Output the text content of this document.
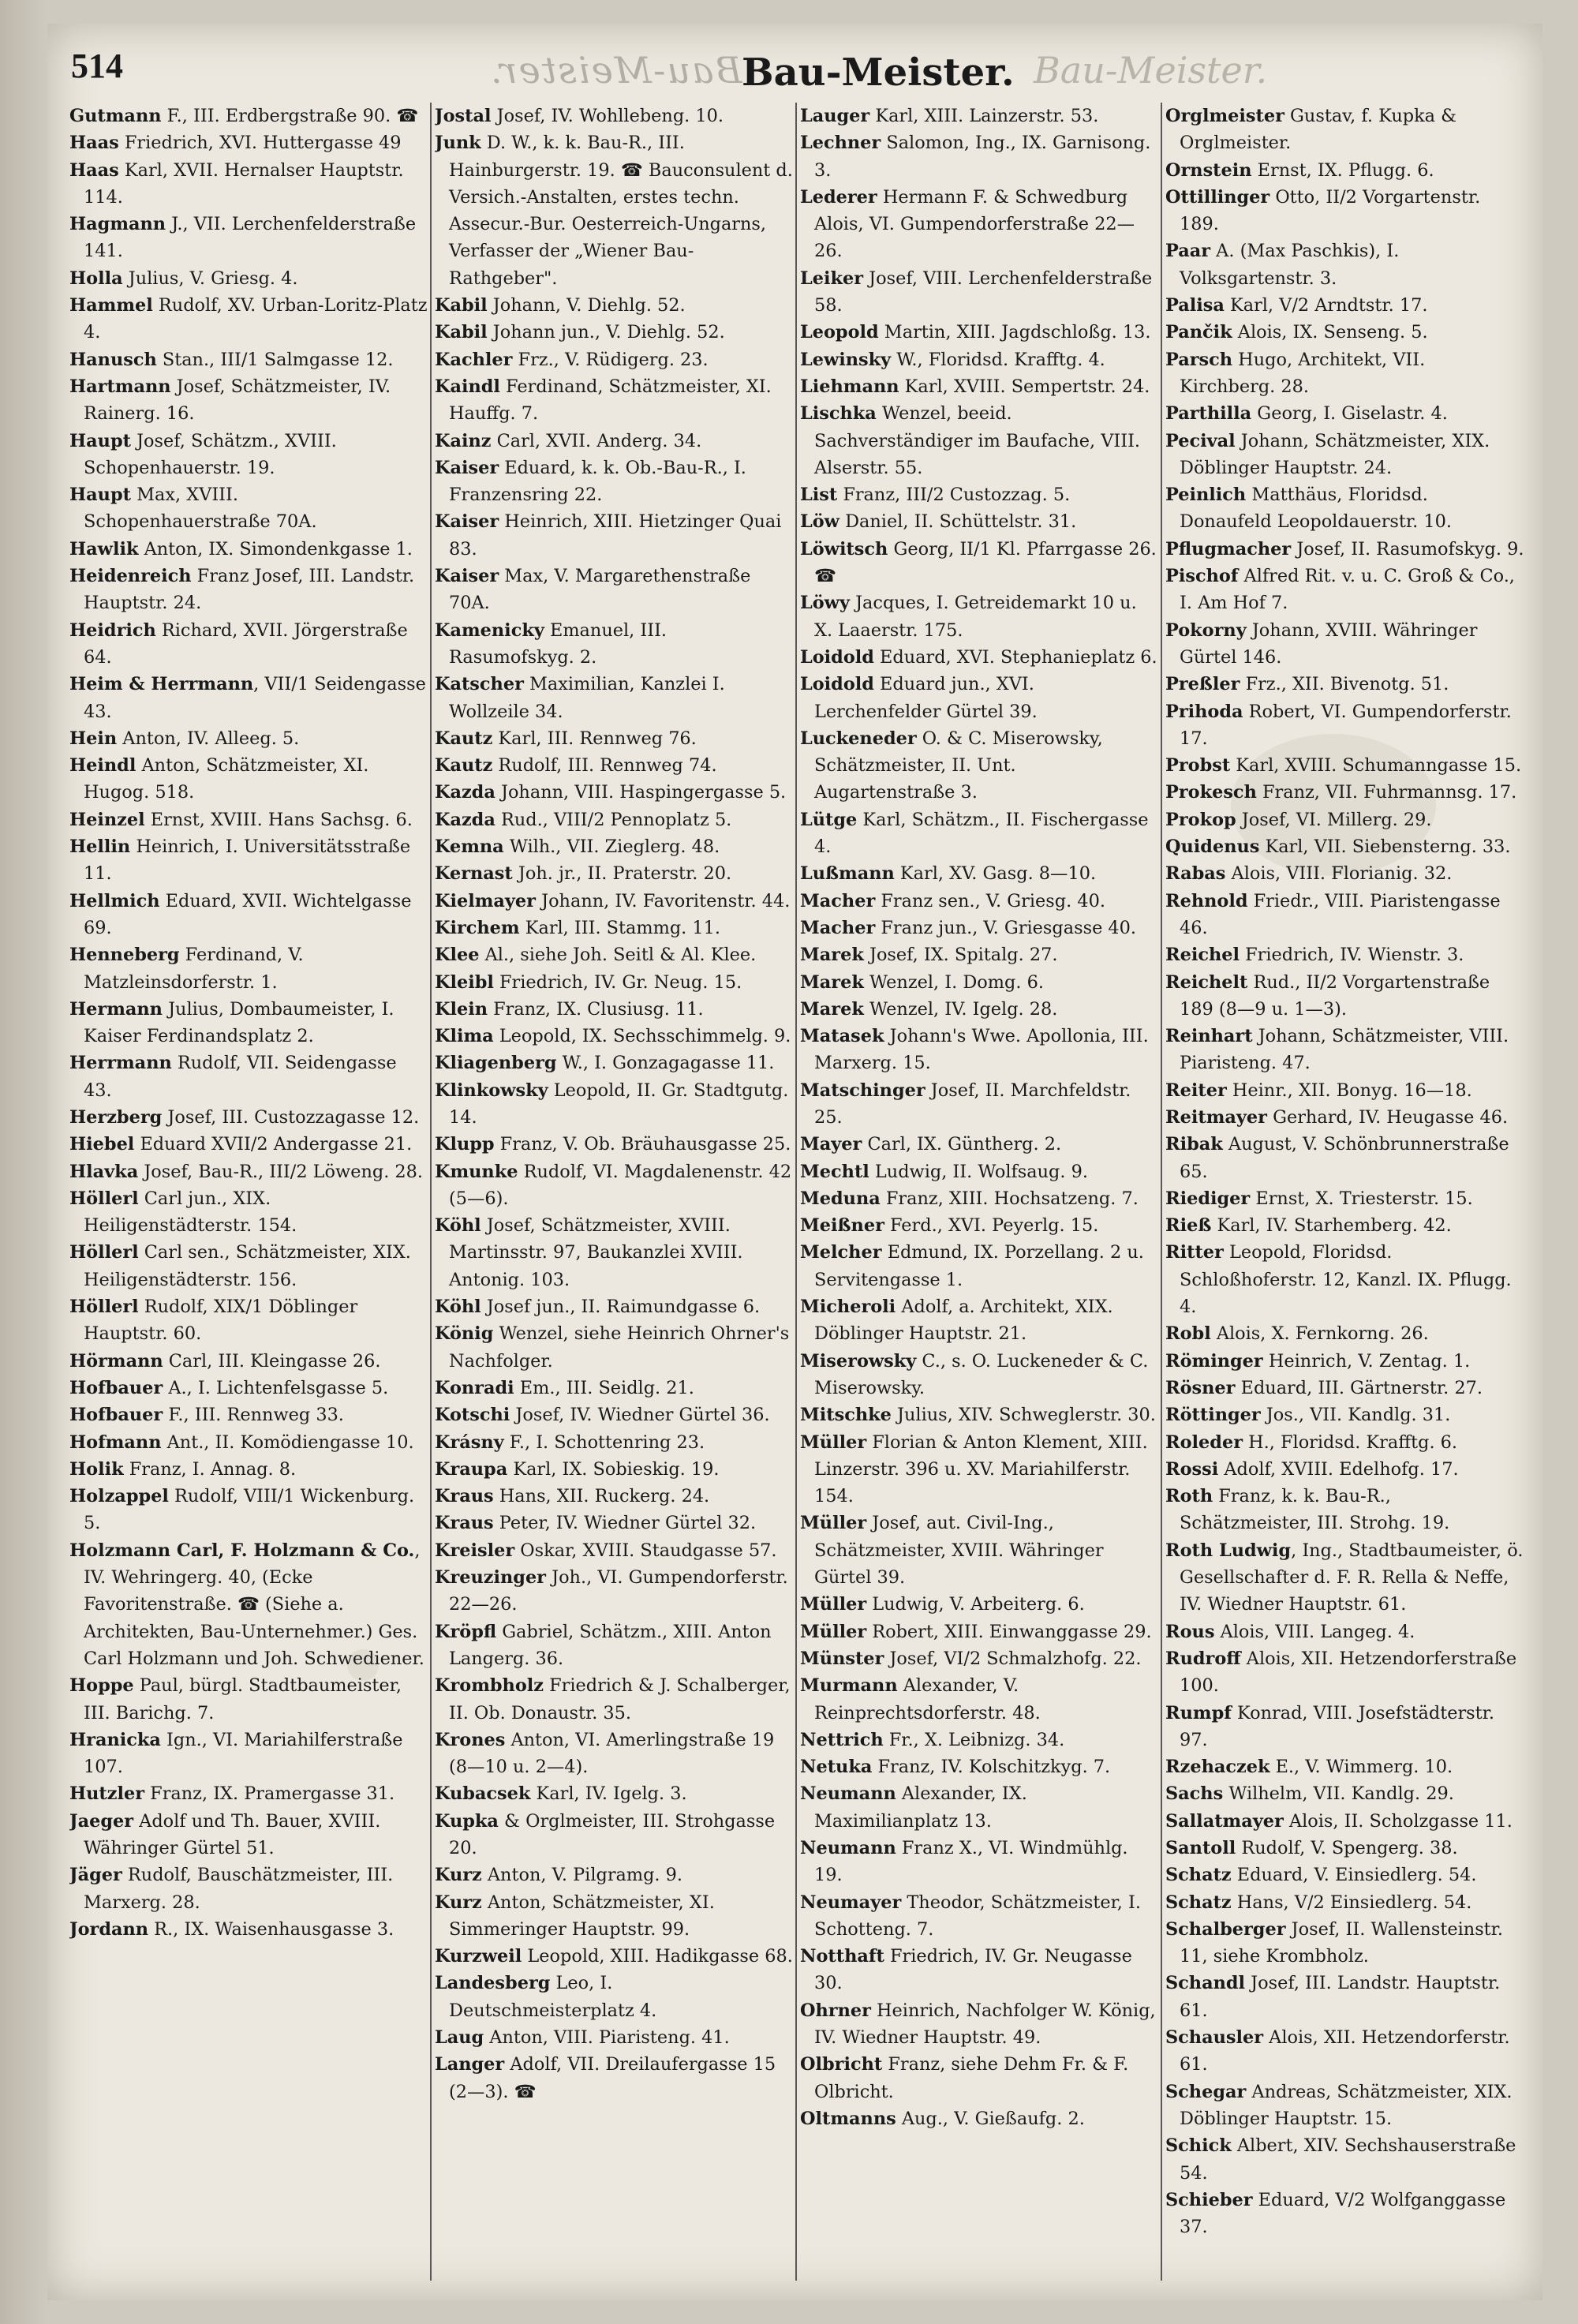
514	Bau-Meister. Bau-Meister. Bau-Meister.

Gutmann F., III. Erdbergstraße 90. ☎

Haas Friedrich, XVI. Huttergasse 49

Haas Karl, XVII. Hernalser Hauptstr. 114.

Hagmann J., VII. Lerchenfelderstraße 141.

Holla Julius, V. Griesg. 4.

Hammel Rudolf, XV. Urban-Loritz-Platz 4.

Hanusch Stan., III/1 Salmgasse 12.

Hartmann Josef, Schätzmeister, IV. Rainerg. 16.

Haupt Josef, Schätzm., XVIII. Schopenhauerstr. 19.

Haupt Max, XVIII. Schopenhauerstraße 70A.

Hawlik Anton, IX. Simondenkgasse 1.

Heidenreich Franz Josef, III. Landstr. Hauptstr. 24.

Heidrich Richard, XVII. Jörgerstraße 64.

Heim & Herrmann, VII/1 Seidengasse 43.

Hein Anton, IV. Alleeg. 5.

Heindl Anton, Schätzmeister, XI. Hugog. 518.

Heinzel Ernst, XVIII. Hans Sachsg. 6.

Hellin Heinrich, I. Universitätsstraße 11.

Hellmich Eduard, XVII. Wichtelgasse 69.

Henneberg Ferdinand, V. Matzleinsdorferstr. 1.

Hermann Julius, Dombaumeister, I. Kaiser Ferdinandsplatz 2.

Herrmann Rudolf, VII. Seidengasse 43.

Herzberg Josef, III. Custozzagasse 12.

Hiebel Eduard XVII/2 Andergasse 21.

Hlavka Josef, Bau-R., III/2 Löweng. 28.

Höllerl Carl jun., XIX. Heiligenstädterstr. 154.

Höllerl Carl sen., Schätzmeister, XIX. Heiligenstädterstr. 156.

Höllerl Rudolf, XIX/1 Döblinger Hauptstr. 60.

Hörmann Carl, III. Kleingasse 26.

Hofbauer A., I. Lichtenfelsgasse 5.

Hofbauer F., III. Rennweg 33.

Hofmann Ant., II. Komödiengasse 10.

Holik Franz, I. Annag. 8.

Holzappel Rudolf, VIII/1 Wickenburg. 5.

Holzmann Carl, F. Holzmann & Co., IV. Wehringerg. 40, (Ecke Favoritenstraße. ☎ (Siehe a. Architekten, Bau-Unternehmer.) Ges. Carl Holzmann und Joh. Schwediener.

Hoppe Paul, bürgl. Stadtbaumeister, III. Barichg. 7.

Hranicka Ign., VI. Mariahilferstraße 107.

Hutzler Franz, IX. Pramergasse 31.

Jaeger Adolf und Th. Bauer, XVIII. Währinger Gürtel 51.

Jäger Rudolf, Bauschätzmeister, III. Marxerg. 28.

Jordann R., IX. Waisenhausgasse 3.

Jostal Josef, IV. Wohllebeng. 10.

Junk D. W., k. k. Bau-R., III. Hainburgerstr. 19. ☎ Bauconsulent d. Versich.-Anstalten, erstes techn. Assecur.-Bur. Oesterreich-Ungarns, Verfasser der „Wiener Bau-Rathgeber".

Kabil Johann, V. Diehlg. 52.

Kabil Johann jun., V. Diehlg. 52.

Kachler Frz., V. Rüdigerg. 23.

Kaindl Ferdinand, Schätzmeister, XI. Hauffg. 7.

Kainz Carl, XVII. Anderg. 34.

Kaiser Eduard, k. k. Ob.-Bau-R., I. Franzensring 22.

Kaiser Heinrich, XIII. Hietzinger Quai 83.

Kaiser Max, V. Margarethenstraße 70A.

Kamenicky Emanuel, III. Rasumofskyg. 2.

Katscher Maximilian, Kanzlei I. Wollzeile 34.

Kautz Karl, III. Rennweg 76.

Kautz Rudolf, III. Rennweg 74.

Kazda Johann, VIII. Haspingergasse 5.

Kazda Rud., VIII/2 Pennoplatz 5.

Kemna Wilh., VII. Zieglerg. 48.

Kernast Joh. jr., II. Praterstr. 20.

Kielmayer Johann, IV. Favoritenstr. 44.

Kirchem Karl, III. Stammg. 11.

Klee Al., siehe Joh. Seitl & Al. Klee.

Kleibl Friedrich, IV. Gr. Neug. 15.

Klein Franz, IX. Clusiusg. 11.

Klima Leopold, IX. Sechsschimmelg. 9.

Kliagenberg W., I. Gonzagagasse 11.

Klinkowsky Leopold, II. Gr. Stadtgutg. 14.

Klupp Franz, V. Ob. Bräuhausgasse 25.

Kmunke Rudolf, VI. Magdalenenstr. 42 (5—6).

Köhl Josef, Schätzmeister, XVIII. Martinsstr. 97, Baukanzlei XVIII. Antonig. 103.

Köhl Josef jun., II. Raimundgasse 6.

König Wenzel, siehe Heinrich Ohrner's Nachfolger.

Konradi Em., III. Seidlg. 21.

Kotschi Josef, IV. Wiedner Gürtel 36.

Krásny F., I. Schottenring 23.

Kraupa Karl, IX. Sobieskig. 19.

Kraus Hans, XII. Ruckerg. 24.

Kraus Peter, IV. Wiedner Gürtel 32.

Kreisler Oskar, XVIII. Staudgasse 57.

Kreuzinger Joh., VI. Gumpendorferstr. 22—26.

Kröpfl Gabriel, Schätzm., XIII. Anton Langerg. 36.

Krombholz Friedrich & J. Schalberger, II. Ob. Donaustr. 35.

Krones Anton, VI. Amerlingstraße 19 (8—10 u. 2—4).

Kubacsek Karl, IV. Igelg. 3.

Kupka & Orglmeister, III. Strohgasse 20.

Kurz Anton, V. Pilgramg. 9.

Kurz Anton, Schätzmeister, XI. Simmeringer Hauptstr. 99.

Kurzweil Leopold, XIII. Hadikgasse 68.

Landesberg Leo, I. Deutschmeisterplatz 4.

Laug Anton, VIII. Piaristeng. 41.

Langer Adolf, VII. Dreilaufergasse 15 (2—3). ☎

Lauger Karl, XIII. Lainzerstr. 53.

Lechner Salomon, Ing., IX. Garnisong. 3.

Lederer Hermann F. & Schwedburg Alois, VI. Gumpendorferstraße 22—26.

Leiker Josef, VIII. Lerchenfelderstraße 58.

Leopold Martin, XIII. Jagdschloßg. 13.

Lewinsky W., Floridsd. Krafftg. 4.

Liehmann Karl, XVIII. Sempertstr. 24.

Lischka Wenzel, beeid. Sachverständiger im Baufache, VIII. Alserstr. 55.

List Franz, III/2 Custozzag. 5.

Löw Daniel, II. Schüttelstr. 31.

Löwitsch Georg, II/1 Kl. Pfarrgasse 26. ☎

Löwy Jacques, I. Getreidemarkt 10 u. X. Laaerstr. 175.

Loidold Eduard, XVI. Stephanieplatz 6.

Loidold Eduard jun., XVI. Lerchenfelder Gürtel 39.

Luckeneder O. & C. Miserowsky, Schätzmeister, II. Unt. Augartenstraße 3.

Lütge Karl, Schätzm., II. Fischergasse 4.

Lußmann Karl, XV. Gasg. 8—10.

Macher Franz sen., V. Griesg. 40.

Macher Franz jun., V. Griesgasse 40.

Marek Josef, IX. Spitalg. 27.

Marek Wenzel, I. Domg. 6.

Marek Wenzel, IV. Igelg. 28.

Matasek Johann's Wwe. Apollonia, III. Marxerg. 15.

Matschinger Josef, II. Marchfeldstr. 25.

Mayer Carl, IX. Güntherg. 2.

Mechtl Ludwig, II. Wolfsaug. 9.

Meduna Franz, XIII. Hochsatzeng. 7.

Meißner Ferd., XVI. Peyerlg. 15.

Melcher Edmund, IX. Porzellang. 2 u. Servitengasse 1.

Micheroli Adolf, a. Architekt, XIX. Döblinger Hauptstr. 21.

Miserowsky C., s. O. Luckeneder & C. Miserowsky.

Mitschke Julius, XIV. Schweglerstr. 30.

Müller Florian & Anton Klement, XIII. Linzerstr. 396 u. XV. Mariahilferstr. 154.

Müller Josef, aut. Civil-Ing., Schätzmeister, XVIII. Währinger Gürtel 39.

Müller Ludwig, V. Arbeiterg. 6.

Müller Robert, XIII. Einwanggasse 29.

Münster Josef, VI/2 Schmalzhofg. 22.

Murmann Alexander, V. Reinprechtsdorferstr. 48.

Nettrich Fr., X. Leibnizg. 34.

Netuka Franz, IV. Kolschitzkyg. 7.

Neumann Alexander, IX. Maximilianplatz 13.

Neumann Franz X., VI. Windmühlg. 19.

Neumayer Theodor, Schätzmeister, I. Schotteng. 7.

Notthaft Friedrich, IV. Gr. Neugasse 30.

Ohrner Heinrich, Nachfolger W. König, IV. Wiedner Hauptstr. 49.

Olbricht Franz, siehe Dehm Fr. & F. Olbricht.

Oltmanns Aug., V. Gießaufg. 2.

Orglmeister Gustav, f. Kupka & Orglmeister.

Ornstein Ernst, IX. Pflugg. 6.

Ottillinger Otto, II/2 Vorgartenstr. 189.

Paar A. (Max Paschkis), I. Volksgartenstr. 3.

Palisa Karl, V/2 Arndtstr. 17.

Pančik Alois, IX. Senseng. 5.

Parsch Hugo, Architekt, VII. Kirchberg. 28.

Parthilla Georg, I. Giselastr. 4.

Pecival Johann, Schätzmeister, XIX. Döblinger Hauptstr. 24.

Peinlich Matthäus, Floridsd. Donaufeld Leopoldauerstr. 10.

Pflugmacher Josef, II. Rasumofskyg. 9.

Pischof Alfred Rit. v. u. C. Groß & Co., I. Am Hof 7.

Pokorny Johann, XVIII. Währinger Gürtel 146.

Preßler Frz., XII. Bivenotg. 51.

Prihoda Robert, VI. Gumpendorferstr. 17.

Probst Karl, XVIII. Schumanngasse 15.

Prokesch Franz, VII. Fuhrmannsg. 17.

Prokop Josef, VI. Millerg. 29.

Quidenus Karl, VII. Siebensterng. 33.

Rabas Alois, VIII. Florianig. 32.

Rehnold Friedr., VIII. Piaristengasse 46.

Reichel Friedrich, IV. Wienstr. 3.

Reichelt Rud., II/2 Vorgartenstraße 189 (8—9 u. 1—3).

Reinhart Johann, Schätzmeister, VIII. Piaristeng. 47.

Reiter Heinr., XII. Bonyg. 16—18.

Reitmayer Gerhard, IV. Heugasse 46.

Ribak August, V. Schönbrunnerstraße 65.

Riediger Ernst, X. Triesterstr. 15.

Rieß Karl, IV. Starhemberg. 42.

Ritter Leopold, Floridsd. Schloßhoferstr. 12, Kanzl. IX. Pflugg. 4.

Robl Alois, X. Fernkorng. 26.

Röminger Heinrich, V. Zentag. 1.

Rösner Eduard, III. Gärtnerstr. 27.

Röttinger Jos., VII. Kandlg. 31.

Roleder H., Floridsd. Krafftg. 6.

Rossi Adolf, XVIII. Edelhofg. 17.

Roth Franz, k. k. Bau-R., Schätzmeister, III. Strohg. 19.

Roth Ludwig, Ing., Stadtbaumeister, ö. Gesellschafter d. F. R. Rella & Neffe, IV. Wiedner Hauptstr. 61.

Rous Alois, VIII. Langeg. 4.

Rudroff Alois, XII. Hetzendorferstraße 100.

Rumpf Konrad, VIII. Josefstädterstr. 97.

Rzehaczek E., V. Wimmerg. 10.

Sachs Wilhelm, VII. Kandlg. 29.

Sallatmayer Alois, II. Scholzgasse 11.

Santoll Rudolf, V. Spengerg. 38.

Schatz Eduard, V. Einsiedlerg. 54.

Schatz Hans, V/2 Einsiedlerg. 54.

Schalberger Josef, II. Wallensteinstr. 11, siehe Krombholz.

Schandl Josef, III. Landstr. Hauptstr. 61.

Schausler Alois, XII. Hetzendorferstr. 61.

Schegar Andreas, Schätzmeister, XIX. Döblinger Hauptstr. 15.

Schick Albert, XIV. Sechshauserstraße 54.

Schieber Eduard, V/2 Wolfganggasse 37.
